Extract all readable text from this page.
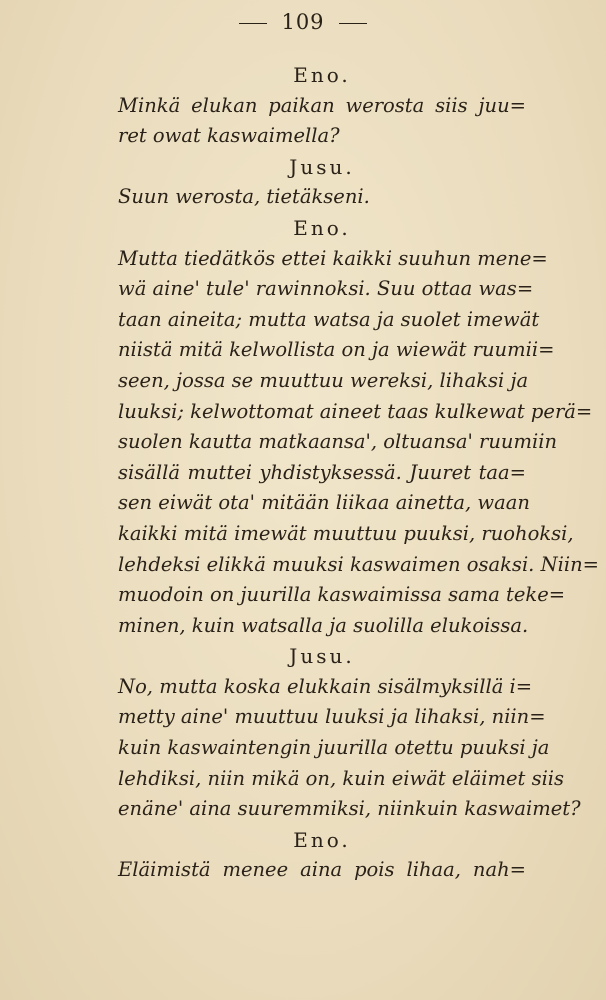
109
Eno.
Minkä elukan paikan werosta siis juu=
ret owat kaswaimella?
Jusu.
Suun werosta, tietäkseni.
Eno.
Mutta tiedätkös ettei kaikki suuhun mene=
wä aine' tule' rawinnoksi. Suu ottaa was=
taan aineita; mutta watsa ja suolet imewät
niistä mitä kelwollista on ja wiewät ruumii=
seen, jossa se muuttuu wereksi, lihaksi ja
luuksi; kelwottomat aineet taas kulkewat perä=
suolen kautta matkaansa', oltuansa' ruumiin
sisällä muttei yhdistyksessä. Juuret taa=
sen eiwät ota' mitään liikaa ainetta, waan
kaikki mitä imewät muuttuu puuksi, ruohoksi,
lehdeksi elikkä muuksi kaswaimen osaksi. Niin=
muodoin on juurilla kaswaimissa sama teke=
minen, kuin watsalla ja suolilla elukoissa.
Jusu.
No, mutta koska elukkain sisälmyksillä i=
metty aine' muuttuu luuksi ja lihaksi, niin=
kuin kaswaintengin juurilla otettu puuksi ja
lehdiksi, niin mikä on, kuin eiwät eläimet siis
enäne' aina suuremmiksi, niinkuin kaswaimet?
Eno.
Eläimistä menee aina pois lihaa, nah=
